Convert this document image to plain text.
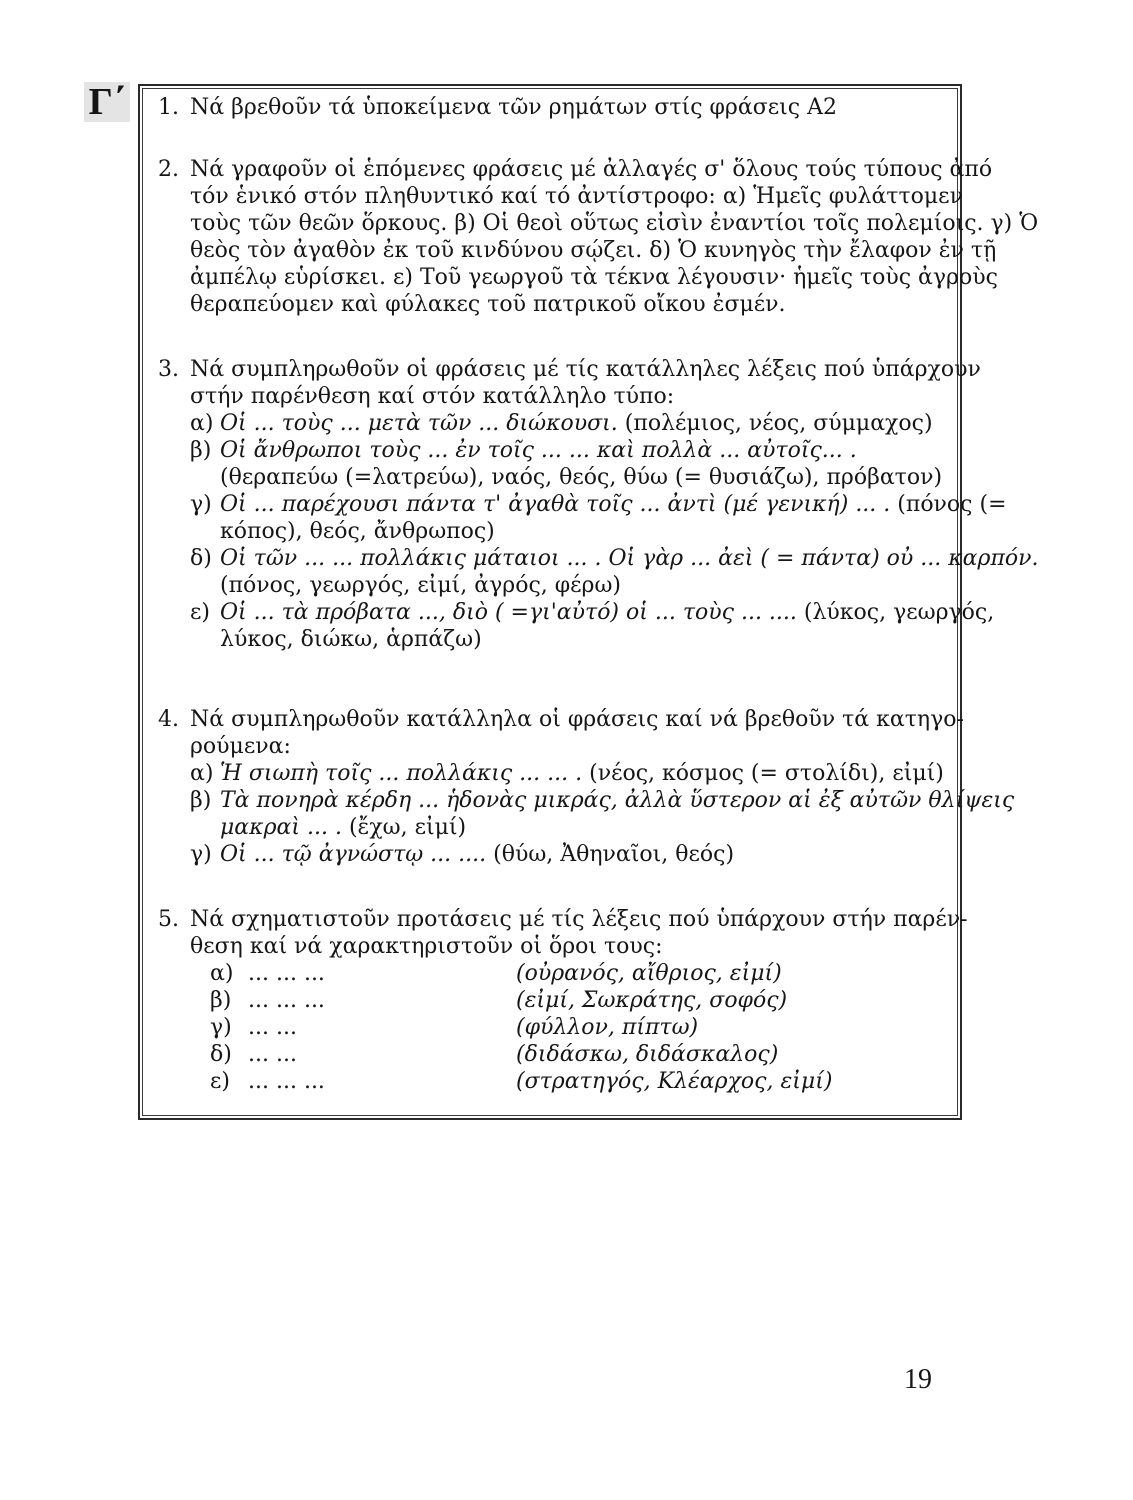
Γ΄ 1. Νά βρεθοῦν τά ὑποκείμενα τῶν ρημάτων στίς φράσεις Α2
2. Νά γραφοῦν οἱ ἑπόμενες φράσεις μέ ἀλλαγές σ' ὅλους τούς τύπους ἀπό
τόν ἑνικό στόν πληθυντικό καί τό ἀντίστροφο: α) Ἡμεῖς φυλάττομεν
τοὺς τῶν θεῶν ὅρκους. β) Οἱ θεοὶ οὕτως εἰσὶν ἐναντίοι τοῖς πολεμίοις. γ) Ὁ
θεὸς τὸν ἀγαθὸν ἐκ τοῦ κινδύνου σῴζει. δ) Ὁ κυνηγὸς τὴν ἔλαφον ἐν τῇ
ἀμπέλῳ εὑρίσκει. ε) Τοῦ γεωργοῦ τὰ τέκνα λέγουσιν· ἡμεῖς τοὺς ἀγροὺς
θεραπεύομεν καὶ φύλακες τοῦ πατρικοῦ οἴκου ἐσμέν.
3. Νά συμπληρωθοῦν οἱ φράσεις μέ τίς κατάλληλες λέξεις πού ὑπάρχουν
στήν παρένθεση καί στόν κατάλληλο τύπο:
α) Οἱ ... τοὺς ... μετὰ τῶν ... διώκουσι. (πολέμιος, νέος, σύμμαχος)
β) Οἱ ἄνθρωποι τοὺς ... ἐν τοῖς ... ... καὶ πολλὰ ... αὐτοῖς... .
(θεραπεύω (=λατρεύω), ναός, θεός, θύω (= θυσιάζω), πρόβατον)
γ) Οἱ ... παρέχουσι πάντα τ' ἀγαθὰ τοῖς ... ἀντὶ (μέ γενική) ... . (πόνος (=
κόπος), θεός, ἄνθρωπος)
δ) Οἱ τῶν ... ... πολλάκις μάταιοι ... . Οἱ γὰρ ... ἀεὶ ( = πάντα) οὐ ... καρπόν.
(πόνος, γεωργός, εἰμί, ἀγρός, φέρω)
ε) Οἱ ... τὰ πρόβατα ..., διὸ ( =γι'αὐτό) οἱ ... τοὺς ... .... (λύκος, γεωργός,
λύκος, διώκω, ἁρπάζω)
4. Νά συμπληρωθοῦν κατάλληλα οἱ φράσεις καί νά βρεθοῦν τά κατηγο-
ρούμενα:
α) Ἡ σιωπὴ τοῖς ... πολλάκις ... ... . (νέος, κόσμος (= στολίδι), εἰμί)
β) Τὰ πονηρὰ κέρδη ... ἡδονὰς μικράς, ἀλλὰ ὕστερον αἱ ἐξ αὐτῶν θλίψεις
μακραὶ ... . (ἔχω, εἰμί)
γ) Οἱ ... τῷ ἀγνώστῳ ... .... (θύω, Ἀθηναῖοι, θεός)
5. Νά σχηματιστοῦν προτάσεις μέ τίς λέξεις πού ὑπάρχουν στήν παρέν-
θεση καί νά χαρακτηριστοῦν οἱ ὅροι τους:
α) ... ... ...	(οὐρανός, αἴθριος, εἰμί)
β) ... ... ...	(εἰμί, Σωκράτης, σοφός)
γ) ... ...	(φύλλον, πίπτω)
δ) ... ...	(διδάσκω, διδάσκαλος)
ε) ... ... ...	(στρατηγός, Κλέαρχος, εἰμί)
19
